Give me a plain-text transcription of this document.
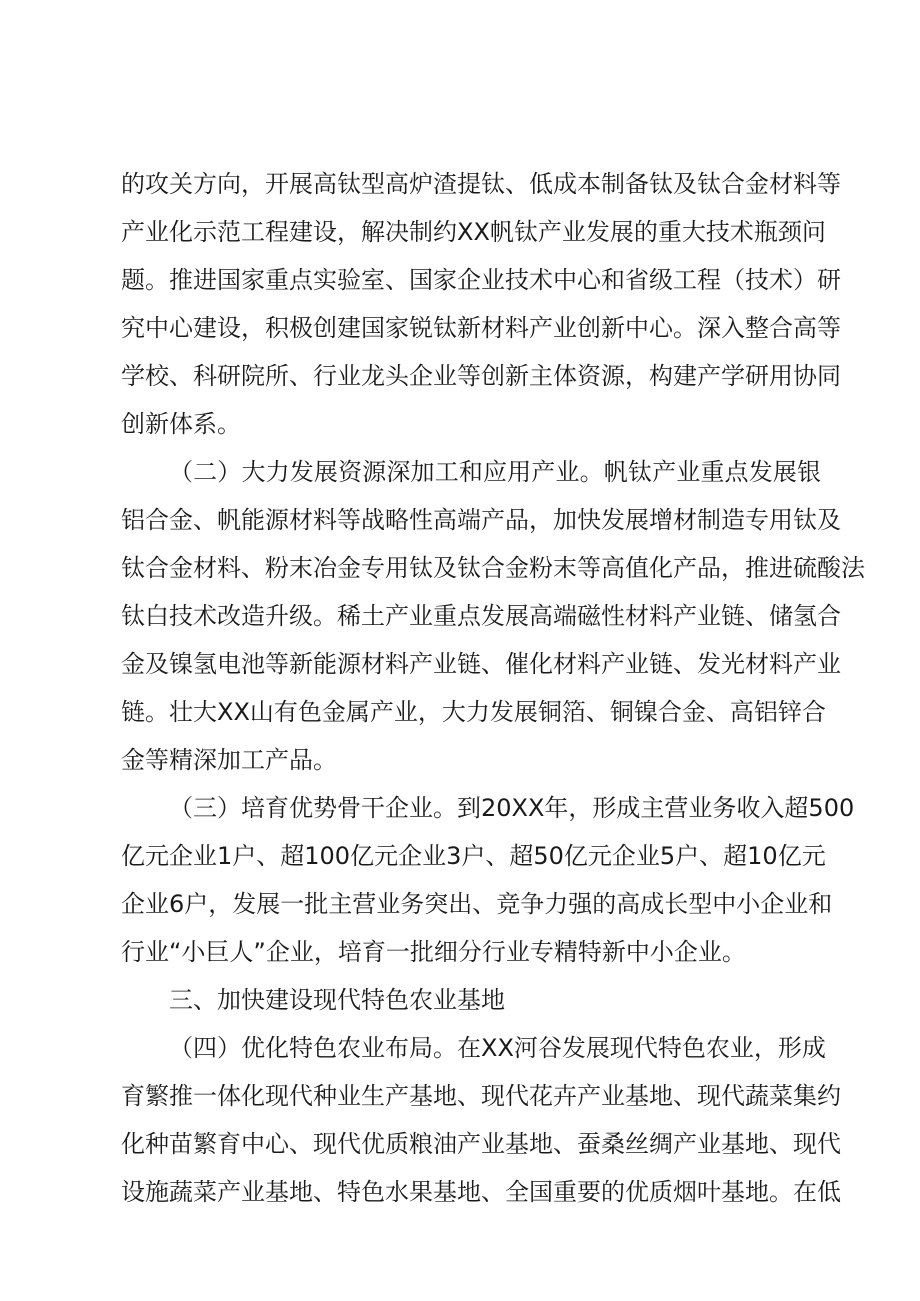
的攻关方向，开展高钛型高炉渣提钛、低成本制备钛及钛合金材料等
产业化示范工程建设，解决制约XX帆钛产业发展的重大技术瓶颈问
题。推进国家重点实验室、国家企业技术中心和省级工程（技术）研
究中心建设，积极创建国家锐钛新材料产业创新中心。深入整合高等
学校、科研院所、行业龙头企业等创新主体资源，构建产学研用协同
创新体系。
（二）大力发展资源深加工和应用产业。帆钛产业重点发展银
铝合金、帆能源材料等战略性高端产品，加快发展增材制造专用钛及
钛合金材料、粉末冶金专用钛及钛合金粉末等高值化产品，推进硫酸法
钛白技术改造升级。稀土产业重点发展高端磁性材料产业链、储氢合
金及镍氢电池等新能源材料产业链、催化材料产业链、发光材料产业
链。壮大XX山有色金属产业，大力发展铜箔、铜镍合金、高铝锌合
金等精深加工产品。
（三）培育优势骨干企业。到20XX年，形成主营业务收入超500
亿元企业1户、超100亿元企业3户、超50亿元企业5户、超10亿元
企业6户，发展一批主营业务突出、竞争力强的高成长型中小企业和
行业“小巨人”企业，培育一批细分行业专精特新中小企业。
三、加快建设现代特色农业基地
（四）优化特色农业布局。在XX河谷发展现代特色农业，形成
育繁推一体化现代种业生产基地、现代花卉产业基地、现代蔬菜集约
化种苗繁育中心、现代优质粮油产业基地、蚕桑丝绸产业基地、现代
设施蔬菜产业基地、特色水果基地、全国重要的优质烟叶基地。在低
